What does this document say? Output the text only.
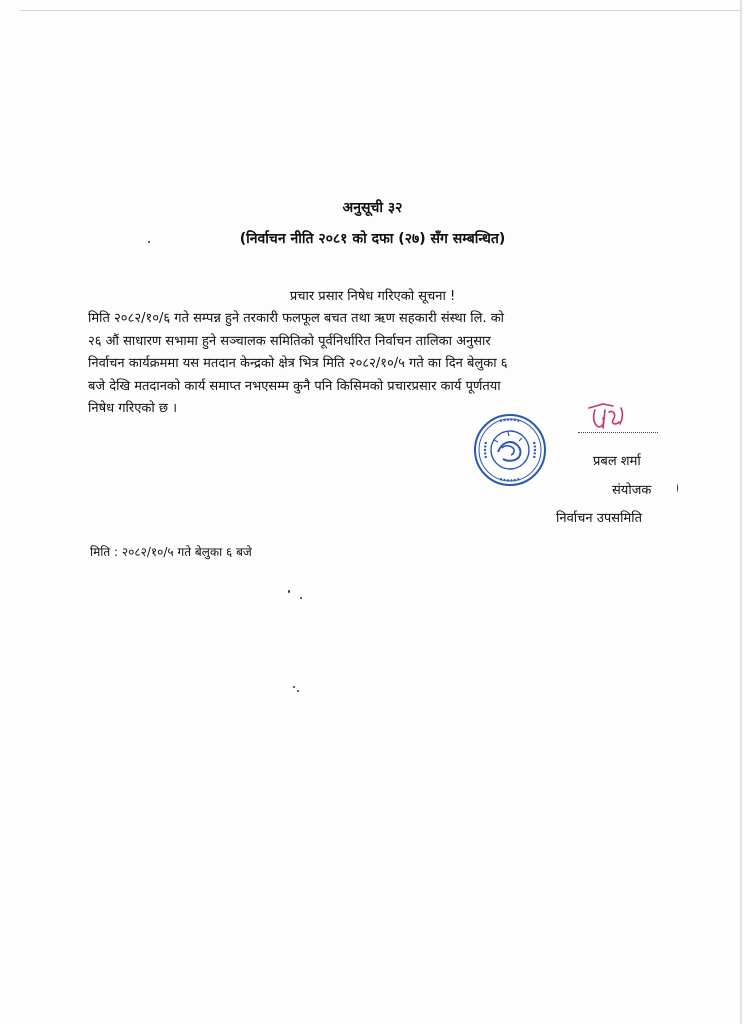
अनुसूची ३२
(निर्वाचन नीति २०८१ को दफा (२७) सँग सम्बन्धित)
प्रचार प्रसार निषेध गरिएको सूचना !
मिति २०८२/१०/६ गते सम्पन्न हुने तरकारी फलफूल बचत तथा ऋण सहकारी संस्था लि. को
२६ औं साधारण सभामा हुने सञ्चालक समितिको पूर्वनिर्धारित निर्वाचन तालिका अनुसार
निर्वाचन कार्यक्रममा यस मतदान केन्द्रको क्षेत्र भित्र मिति २०८२/१०/५ गते का दिन बेलुका ६
बजे देखि मतदानको कार्य समाप्त नभएसम्म कुनै पनि किसिमको प्रचारप्रसार कार्य पूर्णतया
निषेध गरिएको छ ।
प्रबल शर्मा
संयोजक
निर्वाचन उपसमिति
मिति : २०८२/१०/५ गते बेलुका ६ बजे
